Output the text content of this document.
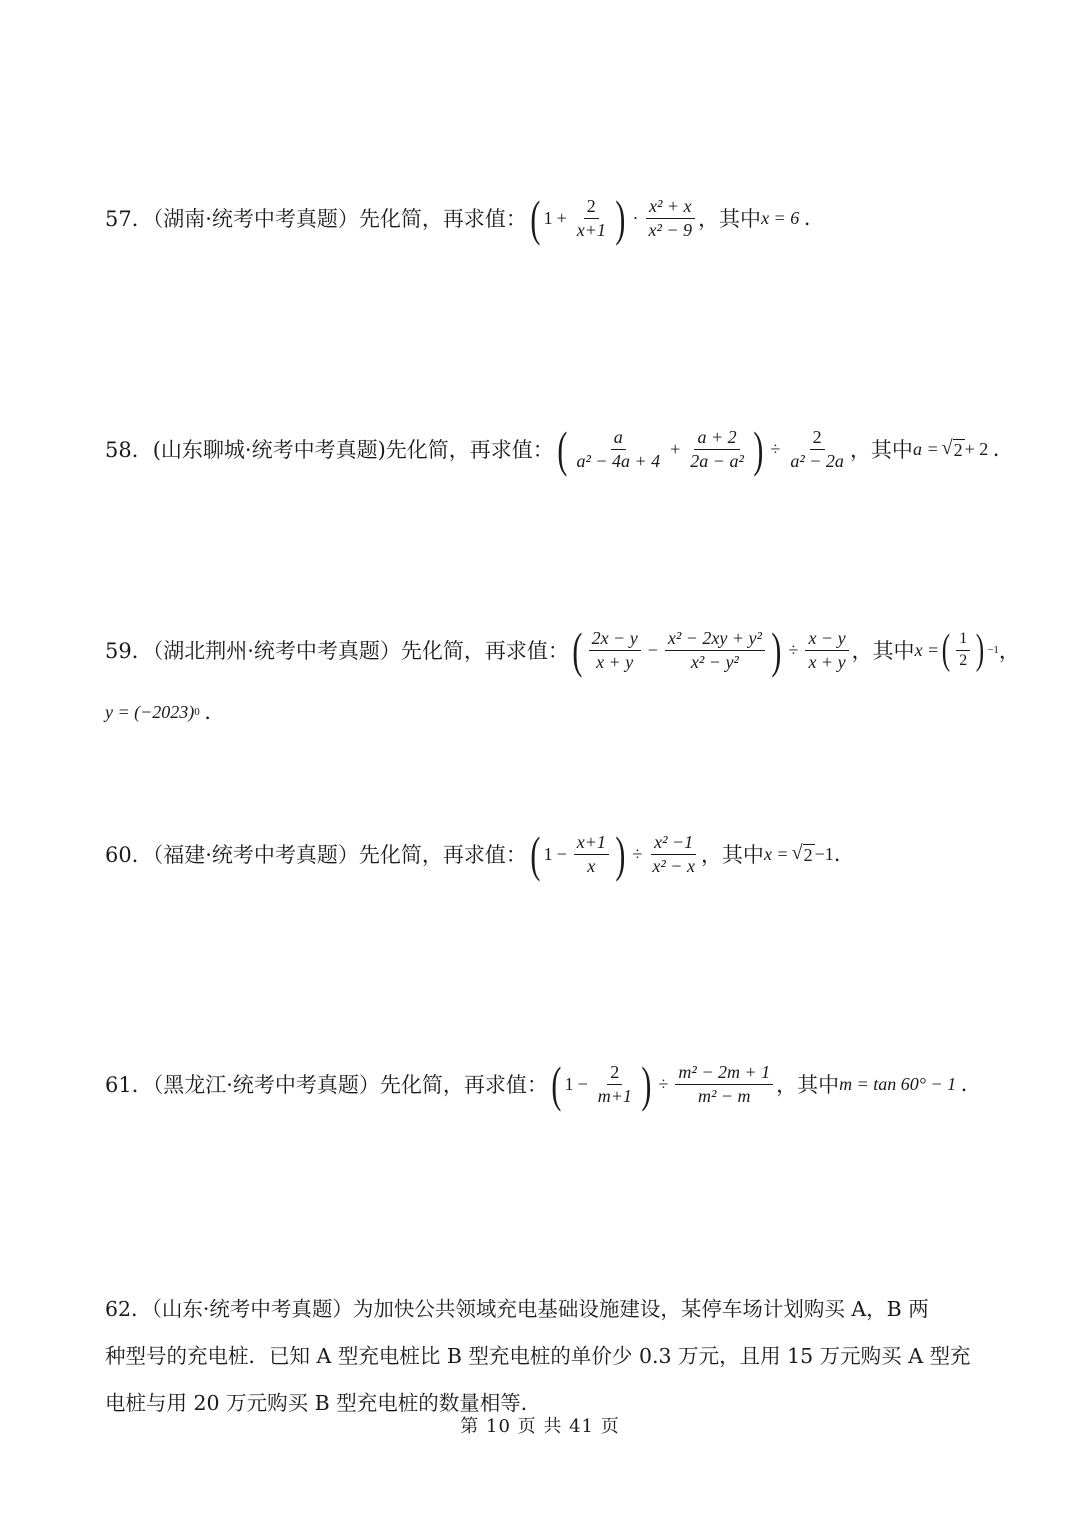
57．（湖南·统考中考真题）先化简，再求值： ( $1 + \frac{2}{x+1}$ ) · $\frac{\text{x² + x}}{\text{x² − 9}}$ ，其中 x = 6
.
58．(山东聊城·统考中考真题)先化简，再求值： ( $\frac{a}{\text{a² − 4a + 4}} + \frac{a + 2}{\text{2a − a²}}$ ) ÷ $\frac{2}{\text{a² − 2a}}$ ，其中 a = √ 2 + 2
.
59．（湖北荆州·统考中考真题）先化简，再求值： ( $\frac{2x - y}{x + y} - \frac{\text{x² − 2xy + y²}}{\text{x² − y²}}$ ) ÷ $\frac{x - y}{x + y}$ ，其中 x = ( $\frac{1}{2}$ ) −1 ，
y = (−2023) 0
.
60．（福建·统考中考真题）先化简，再求值： ( $1 - \frac{x+1}{x}$ ) ÷ $\frac{\text{x² −1}}{\text{x² − x}}$ ，其中 x = √ 2 −1 .
61．（黑龙江·统考中考真题）先化简，再求值： ( $1 - \frac{2}{m+1}$ ) ÷ $\frac{\text{m² − 2m + 1}}{\text{m² − m}}$ ，其中 m = tan 60° − 1
.
62．（山东·统考中考真题）为加快公共领域充电基础设施建设，某停车场计划购买 A，B 两
种型号的充电桩．已知 A 型充电桩比 B 型充电桩的单价少 0.3 万元，且用 15 万元购买 A 型充
电桩与用 20 万元购买 B 型充电桩的数量相等．
第 10 页 共 41 页
